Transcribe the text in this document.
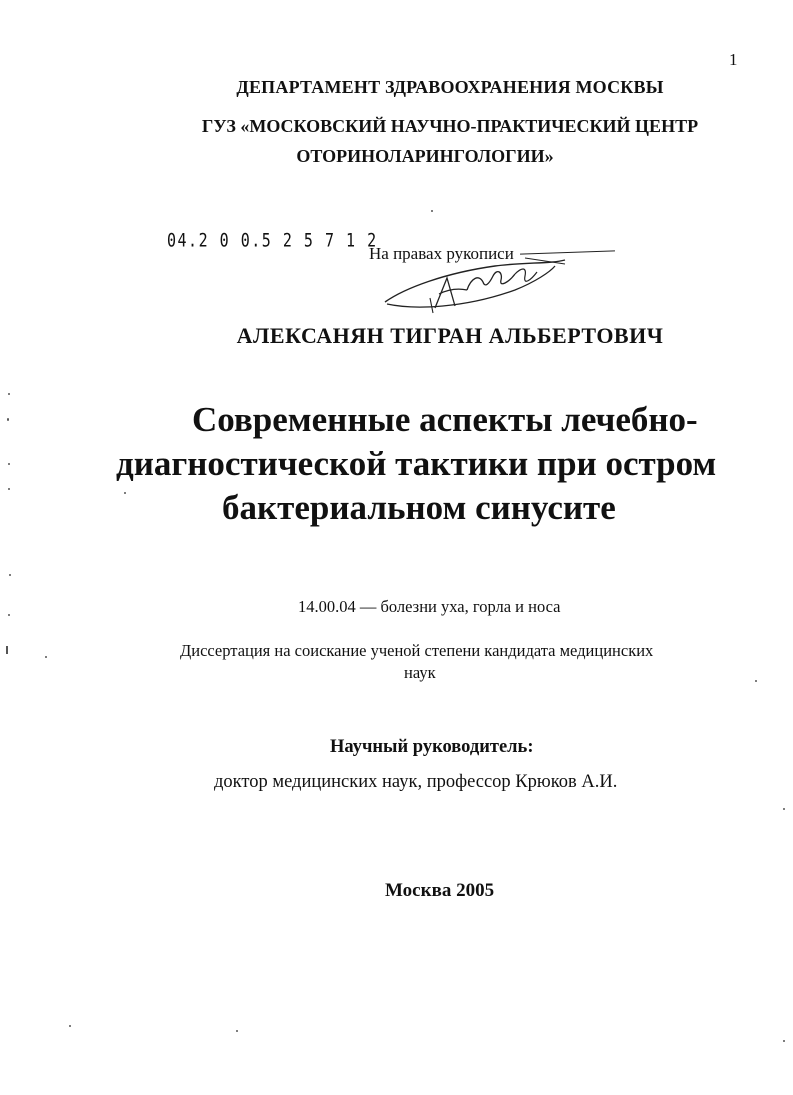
1
ДЕПАРТАМЕНТ ЗДРАВООХРАНЕНИЯ МОСКВЫ
ГУЗ «МОСКОВСКИЙ НАУЧНО-ПРАКТИЧЕСКИЙ ЦЕНТР
ОТОРИНОЛАРИНГОЛОГИИ»
04.2 0 0.5 2 5 7 1 2
На правах рукописи
АЛЕКСАНЯН ТИГРАН АЛЬБЕРТОВИЧ
Современные аспекты лечебно-
диагностической тактики при остром
бактериальном синусите
14.00.04 — болезни уха, горла и носа
Диссертация на соискание ученой степени кандидата медицинских
наук
Научный руководитель:
доктор медицинских наук, профессор Крюков А.И.
Москва 2005
